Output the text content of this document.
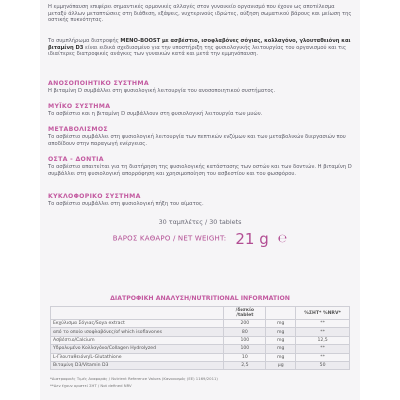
Η εμμηνόπαυση επιφέρει σημαντικές ορμονικές αλλαγές στον γυναικείο οργανισμό που έχουν ως αποτέλεσμα μεταξύ άλλων μεταπτώσεις στη διάθεση, εξάψεις, νυχτερινούς ιδρώτες, αύξηση σωματικού βάρους και μείωση της οστικής πυκνότητας.

Το συμπλήρωμα διατροφής MENO-BOOST με ασβέστιο, ισοφλαβόνες σόγιας, κολλαγόνο, γλουταθειόνη και βιταμίνη D3 είναι ειδικά σχεδιασμένο για την υποστήριξη της φυσιολογικής λειτουργίας του οργανισμού και τις ιδιαίτερες διατροφικές ανάγκες των γυναικών κατά και μετά την εμμηνόπαυση.

ΑΝΟΣΟΠΟΙΗΤΙΚΟ ΣΥΣΤΗΜΑ

Η βιταμίνη D συμβάλλει στη φυσιολογική λειτουργία του ανοσοποιητικού συστήματος.

ΜΥΪΚΟ ΣΥΣΤΗΜΑ

Το ασβέστιο και η βιταμίνη D συμβάλλουν στη φυσιολογική λειτουργία των μυών.

ΜΕΤΑΒΟΛΙΣΜΟΣ

Το ασβέστιο συμβάλλει στη φυσιολογική λειτουργία των πεπτικών ενζύμων και των μεταβολικών διεργασιών που αποδίδουν στην παραγωγή ενέργειας.

ΟΣΤΑ - ΔΟΝΤΙΑ

Το ασβέστιο απαιτείται για τη διατήρηση της φυσιολογικής κατάστασης των οστών και των δοντιών. Η βιταμίνη D συμβάλλει στη φυσιολογική απορρόφηση και χρησιμοποίηση του ασβεστίου και του φωσφόρου.

ΚΥΚΛΟΦΟΡΙΚΟ ΣΥΣΤΗΜΑ

Το ασβέστιο συμβάλλει στη φυσιολογική πήξη του αίματος.

30 ταμπλέτες / 30 tablets
ΒΑΡΟΣ ΚΑΘΑΡΟ / NET WEIGHT: 21 g ℮
ΔΙΑΤΡΟΦΙΚΗ ΑΝΑΛΥΣΗ/NUTRITIONAL INFORMATION
	/δισκίο /tablet		%ΣΗΤ* %NRV*
Εκχύλισμα Σόγιας/Soya extract	200	mg	**
από το οποίο ισοφλαβόνες/of which isoflavones	80	mg	**
Ασβέστιο/Calcium	100	mg	12,5
Υδρολυμένο Κολλαγόνο/Collagen Hydrolyzed	100	mg	**
L-Γλουταθειόνη/L-Glutathione	10	mg	**
Βιταμίνη D3/Vitamin D3	2,5	µg	50

*Διατροφικές Τιμές Αναφοράς / Nutrient Reference Values (Κανονισμός (ΕΕ) 1169/2011)

**Δεν έχουν οριστεί ΣΗΤ / Not defined NRV
